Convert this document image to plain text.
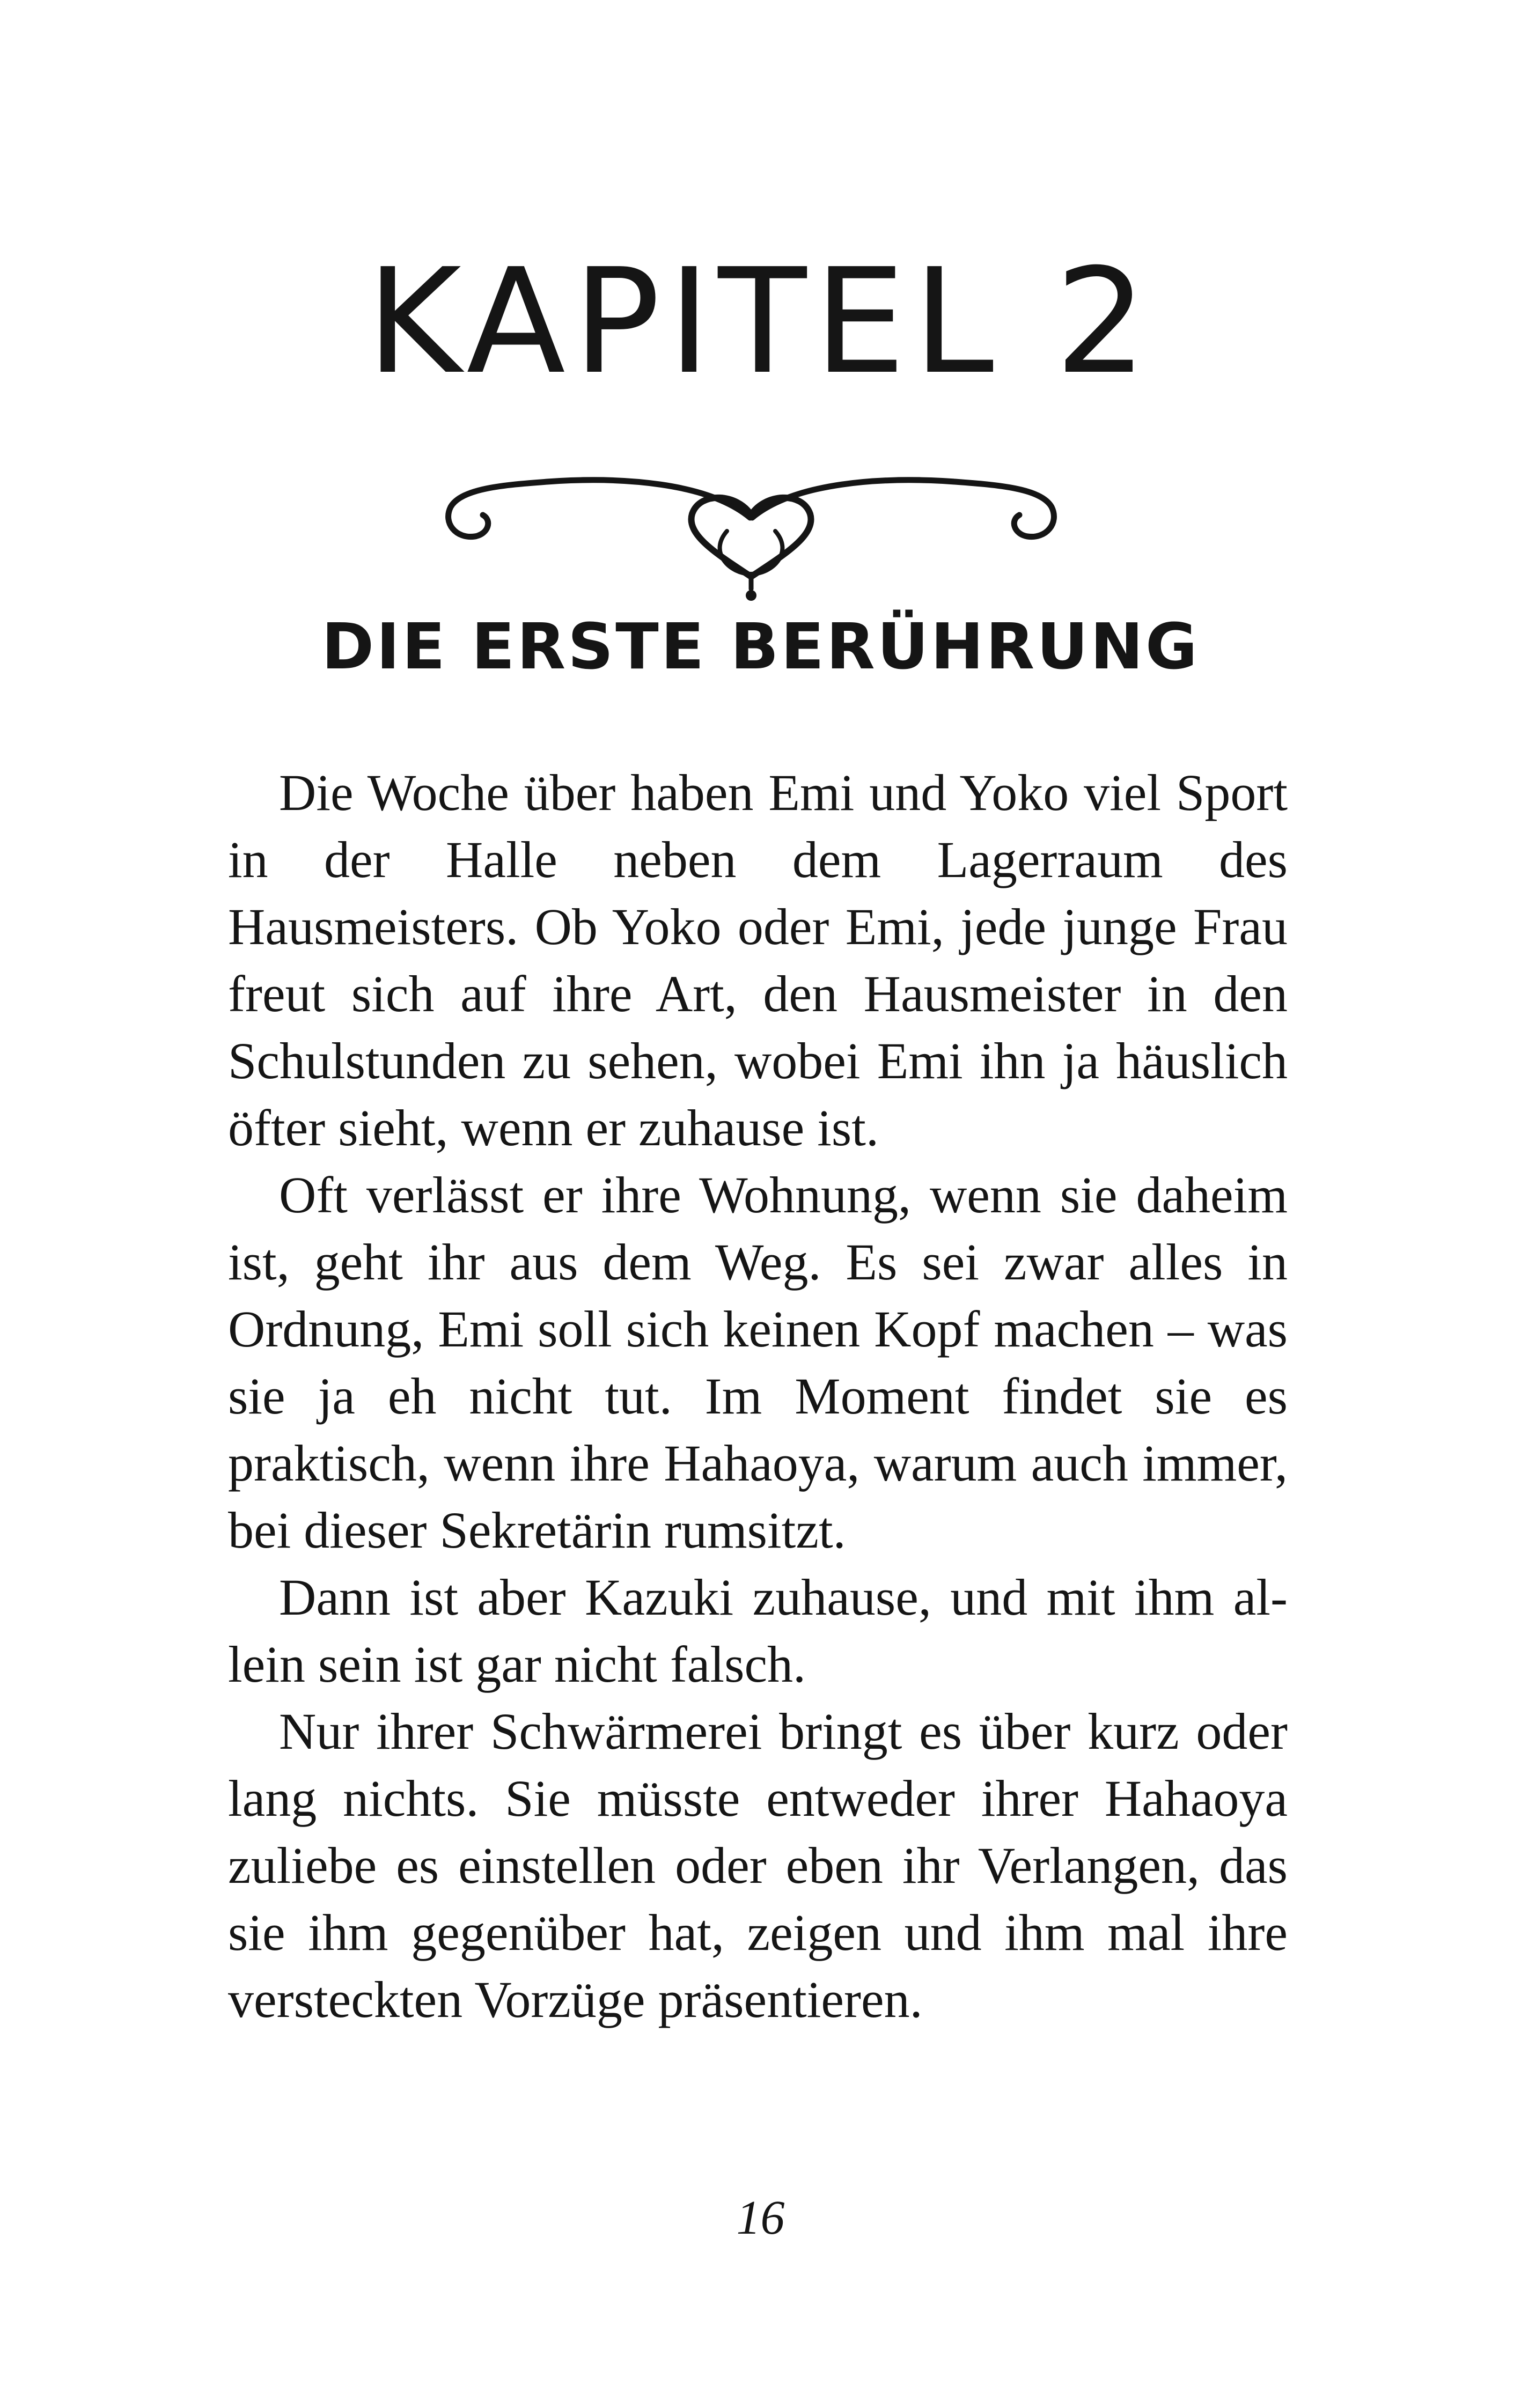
KAPITEL 2
DIE ERSTE BERÜHRUNG

Die Woche über haben Emi und Yoko viel Sport in der Halle neben dem Lagerraum des Hausmeisters. Ob Yoko oder Emi, jede junge Frau freut sich auf ihre Art, den Hausmeister in den Schulstunden zu sehen, wobei Emi ihn ja häuslich öfter sieht, wenn er zuhause ist.

Oft verlässt er ihre Wohnung, wenn sie daheim ist, geht ihr aus dem Weg. Es sei zwar alles in Ordnung, Emi soll sich keinen Kopf machen – was sie ja eh nicht tut. Im Moment findet sie es praktisch, wenn ihre Hahaoya, warum auch immer, bei dieser Sekretärin rumsitzt.

Dann ist aber Kazuki zuhause, und mit ihm allein sein ist gar nicht falsch.

Nur ihrer Schwärmerei bringt es über kurz oder lang nichts. Sie müsste entweder ihrer Hahaoya zuliebe es einstellen oder eben ihr Verlangen, das sie ihm gegenüber hat, zeigen und ihm mal ihre versteckten Vorzüge präsentieren.

16
